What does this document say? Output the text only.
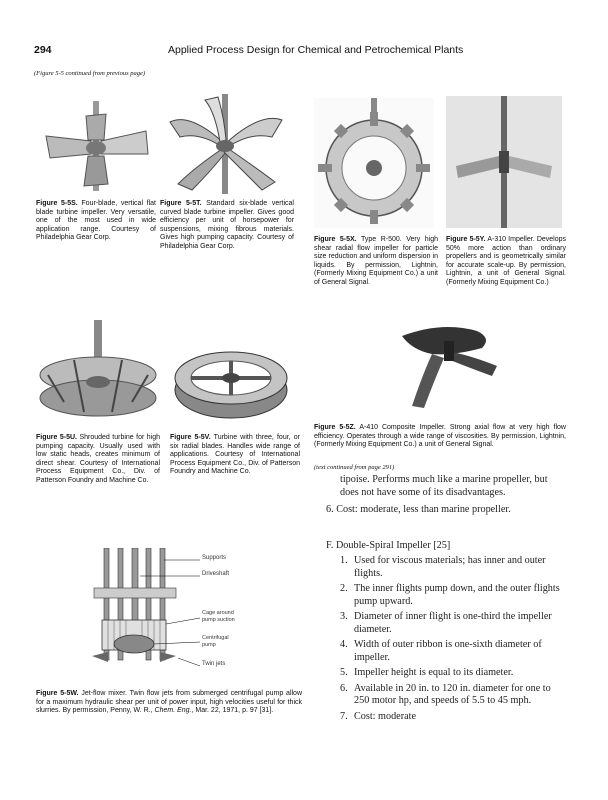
294	Applied Process Design for Chemical and Petrochemical Plants
(Figure 5-5 continued from previous page)
Figure 5-5S. Four-blade, vertical flat blade turbine impeller. Very versatile, one of the most used in wide application range. Courtesy of Philadelphia Gear Corp.
Figure 5-5T. Standard six-blade vertical curved blade turbine impeller. Gives good efficiency per unit of horsepower for suspensions, mixing fibrous materials. Gives high pumping capacity. Courtesy of Philadelphia Gear Corp.
Figure 5-5X. Type R-500. Very high shear radial flow impeller for particle size reduction and uniform dispersion in liquids. By permission, Lightnin, (Formerly Mixing Equipment Co.) a unit of General Signal.
Figure 5-5Y. A-310 Impeller. Develops 50% more action than ordinary propellers and is geometrically similar for accurate scale-up. By permission, Lightnin, a unit of General Signal. (Formerly Mixing Equipment Co.)
Figure 5-5U. Shrouded turbine for high pumping capacity. Usually used with low static heads, creates minimum of direct shear. Courtesy of International Process Equipment Co., Div. of Patterson Foundry and Machine Co.
Figure 5-5V. Turbine with three, four, or six radial blades. Handles wide range of applications. Courtesy of International Process Equipment Co., Div. of Patterson Foundry and Machine Co.
Figure 5-5Z. A-410 Composite Impeller. Strong axial flow at very high flow efficiency. Operates through a wide range of viscosities. By permission, Lightnin, (Formerly Mixing Equipment Co.) a unit of General Signal.
(text continued from page 291)
tipoise. Performs much like a marine propeller, but does not have some of its disadvantages.
6. Cost: moderate, less than marine propeller.
Supports
Driveshaft
Cage around pump suction
Centrifugal pump
Twin jets
Figure 5-5W. Jet-flow mixer. Twin flow jets from submerged centrifugal pump allow for a maximum hydraulic shear per unit of power input, high velocities useful for thick slurries. By permission, Penny, W. R., Chem. Eng., Mar. 22, 1971, p. 97 [31].
F. Double-Spiral Impeller [25]
1. Used for viscous materials; has inner and outer flights.
2. The inner flights pump down, and the outer flights pump upward.
3. Diameter of inner flight is one-third the impeller diameter.
4. Width of outer ribbon is one-sixth diameter of impeller.
5. Impeller height is equal to its diameter.
6. Available in 20 in. to 120 in. diameter for one to 250 motor hp, and speeds of 5.5 to 45 mph.
7. Cost: moderate
